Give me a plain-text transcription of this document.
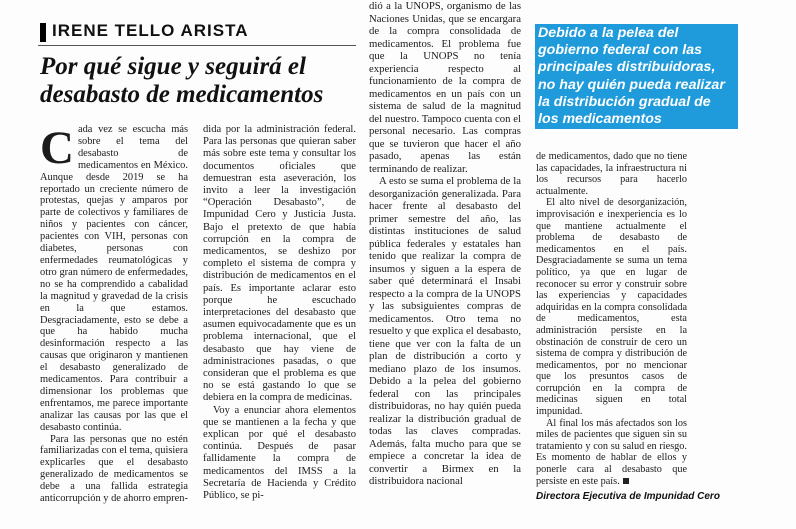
IRENE TELLO ARISTA
Por qué sigue y seguirá el desabasto de medicamentos

Cada vez se escucha más sobre el tema del desabasto de medicamentos en México. Aunque desde 2019 se ha reportado un creciente número de protestas, quejas y amparos por parte de colectivos y familiares de niños y pacientes con cáncer, pacientes con VIH, personas con diabetes, personas con enfermedades reumatológicas y otro gran número de enfermedades, no se ha comprendido a cabalidad la magnitud y gravedad de la crisis en la que estamos. Desgraciadamente, esto se debe a que ha habido mucha desinformación respecto a las causas que originaron y mantienen el desabasto generalizado de medicamentos. Para contribuir a dimensionar los problemas que enfrentamos, me parece importante analizar las causas por las que el desabasto continúa.

Para las personas que no estén familiarizadas con el tema, quisiera explicarles que el desabasto generalizado de medicamentos se debe a una fallida estrategia anticorrupción y de ahorro empren-

dida por la administración federal. Para las personas que quieran saber más sobre este tema y consultar los documentos oficiales que demuestran esta aseveración, los invito a leer la investigación “Operación Desabasto”, de Impunidad Cero y Justicia Justa. Bajo el pretexto de que había corrupción en la compra de medicamentos, se deshizo por completo el sistema de compra y distribución de medicamentos en el país. Es importante aclarar esto porque he escuchado interpretaciones del desabasto que asumen equivocadamente que es un problema internacional, que el desabasto que hay viene de administraciones pasadas, o que consideran que el problema es que no se está gastando lo que se debiera en la compra de medicinas.

Voy a enunciar ahora elementos que se mantienen a la fecha y que explican por qué el desabasto continúa. Después de pasar fallidamente la compra de medicamentos del IMSS a la Secretaría de Hacienda y Crédito Público, se pi-

dió a la UNOPS, organismo de las Naciones Unidas, que se encargara de la compra consolidada de medicamentos. El problema fue que la UNOPS no tenía experiencia respecto al funcionamiento de la compra de medicamentos en un país con un sistema de salud de la magnitud del nuestro. Tampoco cuenta con el personal necesario. Las compras que se tuvieron que hacer el año pasado, apenas las están terminando de realizar.

A esto se suma el problema de la desorganización generalizada. Para hacer frente al desabasto del primer semestre del año, las distintas instituciones de salud pública federales y estatales han tenido que realizar la compra de insumos y siguen a la espera de saber qué determinará el Insabi respecto a la compra de la UNOPS y las subsiguientes compras de medicamentos. Otro tema no resuelto y que explica el desabasto, tiene que ver con la falta de un plan de distribución a corto y mediano plazo de los insumos. Debido a la pelea del gobierno federal con las principales distribuidoras, no hay quién pueda realizar la distribución gradual de todas las claves compradas. Además, falta mucho para que se empiece a concretar la idea de convertir a Birmex en la distribuidora nacional

Debido a la pelea del gobierno federal con las principales distribuidoras, no hay quién pueda realizar la distribución gradual de los medicamentos

de medicamentos, dado que no tiene las capacidades, la infraestructura ni los recursos para hacerlo actualmente.

El alto nivel de desorganización, improvisación e inexperiencia es lo que mantiene actualmente el problema de desabasto de medicamentos en el país. Desgraciadamente se suma un tema político, ya que en lugar de reconocer su error y construir sobre las experiencias y capacidades adquiridas en la compra consolidada de medicamentos, esta administración persiste en la obstinación de construir de cero un sistema de compra y distribución de medicamentos, por no mencionar que los presuntos casos de corrupción en la compra de medicinas siguen en total impunidad.

Al final los más afectados son los miles de pacientes que siguen sin su tratamiento y con su salud en riesgo. Es momento de hablar de ellos y ponerle cara al desabasto que persiste en este país.

Directora Ejecutiva de Impunidad Cero
